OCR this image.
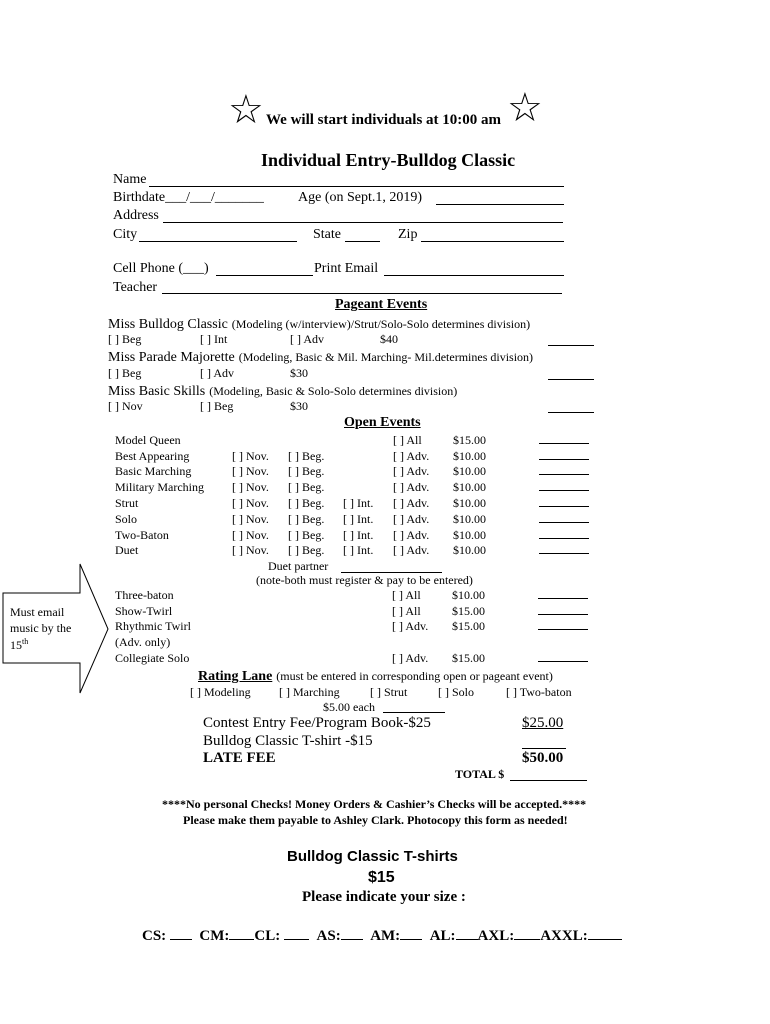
☆ We will start individuals at 10:00 am ☆
Individual Entry-Bulldog Classic
Name
Birthdate___/___/_______ Age (on Sept.1, 2019)
Address
City	State	Zip
Cell Phone (___)	Print Email
Teacher
Pageant Events
Miss Bulldog Classic (Modeling (w/interview)/Strut/Solo-Solo determines division)
[ ] Beg	[ ] Int	[ ] Adv	$40
Miss Parade Majorette (Modeling, Basic & Mil. Marching- Mil.determines division)
[ ] Beg	[ ] Adv	$30
Miss Basic Skills (Modeling, Basic & Solo-Solo determines division)
[ ] Nov	[ ] Beg	$30
Open Events
Model Queen				[ ] All	$15.00	
Best Appearing	[ ] Nov.	[ ] Beg.		[ ] Adv.	$10.00	
Basic Marching	[ ] Nov.	[ ] Beg.		[ ] Adv.	$10.00	
Military Marching	[ ] Nov.	[ ] Beg.		[ ] Adv.	$10.00	
Strut	[ ] Nov.	[ ] Beg.	[ ] Int.	[ ] Adv.	$10.00	
Solo	[ ] Nov.	[ ] Beg.	[ ] Int.	[ ] Adv.	$10.00	
Two-Baton	[ ] Nov.	[ ] Beg.	[ ] Int.	[ ] Adv.	$10.00	
Duet	[ ] Nov.	[ ] Beg.	[ ] Int.	[ ] Adv.	$10.00	
Duet partner
(note-both must register & pay to be entered)
Three-baton	[ ] All	$10.00	
Show-Twirl	[ ] All	$15.00	
Rhythmic Twirl	[ ] Adv.	$15.00	
(Adv. only)			
Collegiate Solo	[ ] Adv.	$15.00	
Must email
music by the
15th
Rating Lane (must be entered in corresponding open or pageant event)
[ ] Modeling [ ] Marching	[ ] Strut	[ ] Solo	[ ] Two-baton
$5.00 each
Contest Entry Fee/Program Book-$25	$25.00
Bulldog Classic T-shirt -$15
LATE FEE	$50.00
TOTAL $
****No personal Checks! Money Orders & Cashier’s Checks will be accepted.****
Please make them payable to Ashley Clark. Photocopy this form as needed!
Bulldog Classic T-shirts
$15
Please indicate your size :
CS: CM: CL: AS: AM: AL: AXL: AXXL:
